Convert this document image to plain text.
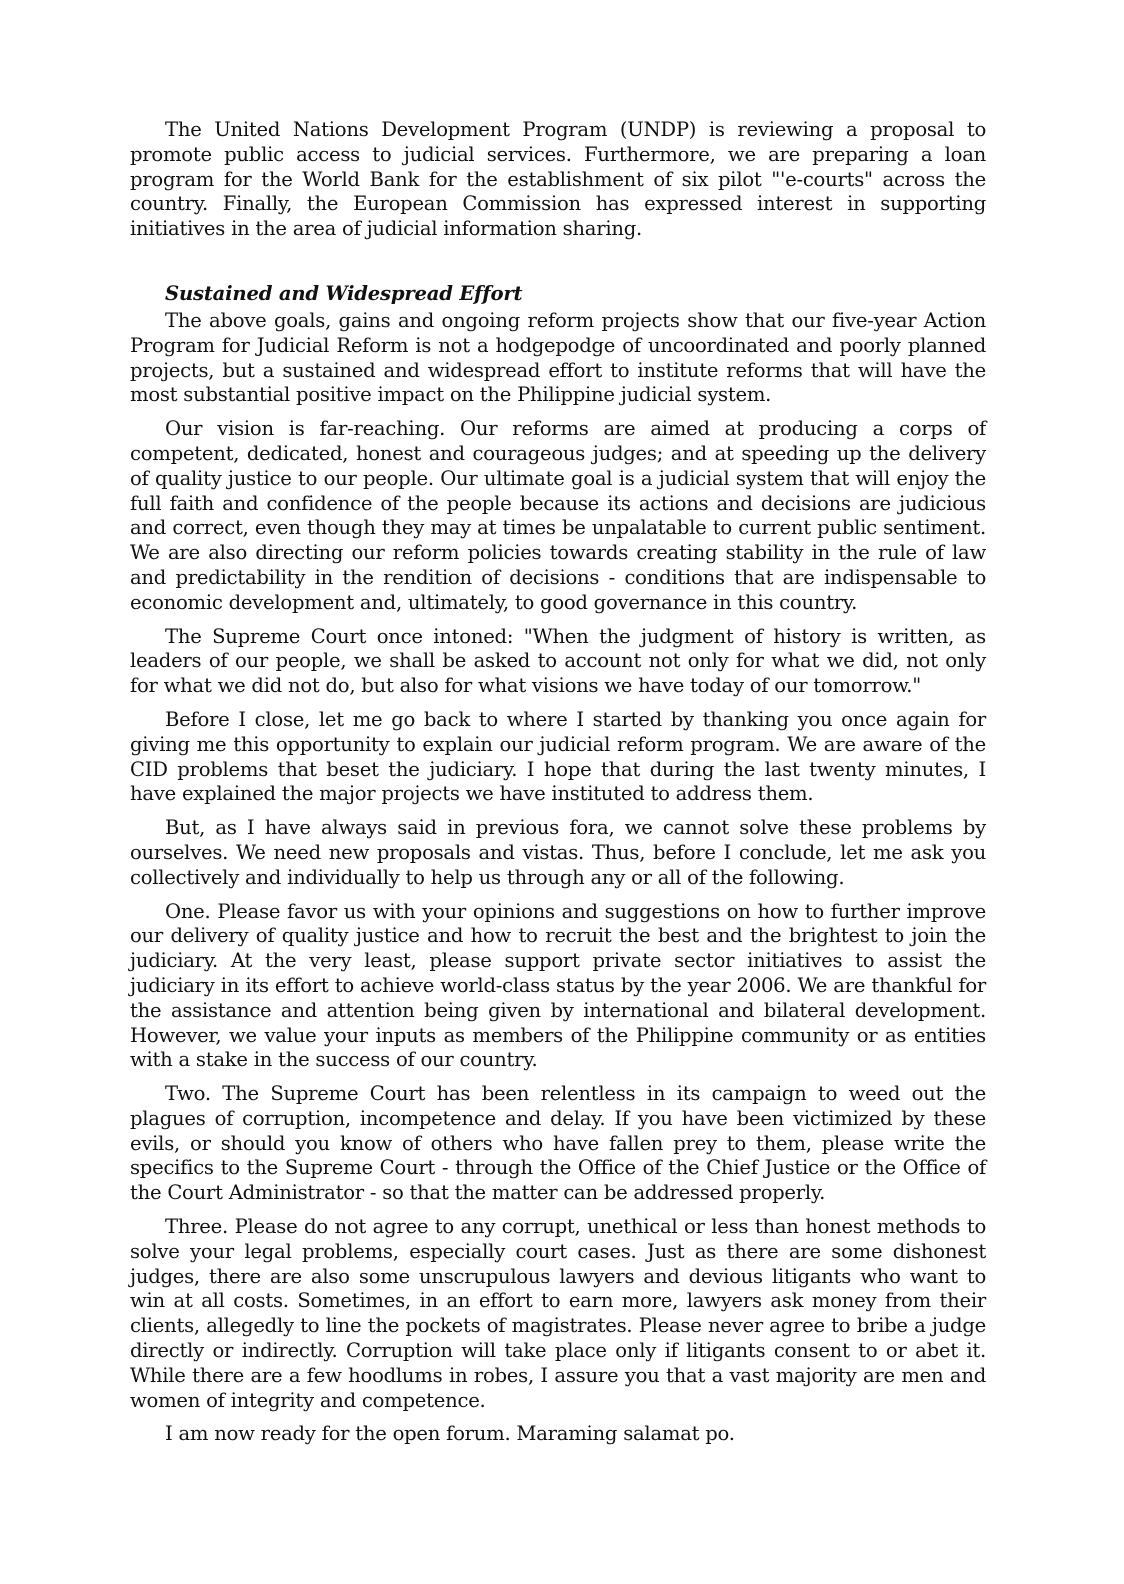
The United Nations Development Program (UNDP) is reviewing a proposal to promote public access to judicial services. Furthermore, we are preparing a loan program for the World Bank for the establishment of six pilot "'e-courts" across the country. Finally, the European Commission has expressed interest in supporting initiatives in the area of judicial information sharing.

Sustained and Widespread Effort

The above goals, gains and ongoing reform projects show that our five-year Action Program for Judicial Reform is not a hodgepodge of uncoordinated and poorly planned projects, but a sustained and widespread effort to institute reforms that will have the most substantial positive impact on the Philippine judicial system.

Our vision is far-reaching. Our reforms are aimed at producing a corps of competent, dedicated, honest and courageous judges; and at speeding up the delivery of quality justice to our people. Our ultimate goal is a judicial system that will enjoy the full faith and confidence of the people because its actions and decisions are judicious and correct, even though they may at times be unpalatable to current public sentiment. We are also directing our reform policies towards creating stability in the rule of law and predictability in the rendition of decisions - conditions that are indispensable to economic development and, ultimately, to good governance in this country.

The Supreme Court once intoned: "When the judgment of history is written, as leaders of our people, we shall be asked to account not only for what we did, not only for what we did not do, but also for what visions we have today of our tomorrow."

Before I close, let me go back to where I started by thanking you once again for giving me this opportunity to explain our judicial reform program. We are aware of the CID problems that beset the judiciary. I hope that during the last twenty minutes, I have explained the major projects we have instituted to address them.

But, as I have always said in previous fora, we cannot solve these problems by ourselves. We need new proposals and vistas. Thus, before I conclude, let me ask you collectively and individually to help us through any or all of the following.

One. Please favor us with your opinions and suggestions on how to further improve our delivery of quality justice and how to recruit the best and the brightest to join the judiciary. At the very least, please support private sector initiatives to assist the judiciary in its effort to achieve world-class status by the year 2006. We are thankful for the assistance and attention being given by international and bilateral development. However, we value your inputs as members of the Philippine community or as entities with a stake in the success of our country.

Two. The Supreme Court has been relentless in its campaign to weed out the plagues of corruption, incompetence and delay. If you have been victimized by these evils, or should you know of others who have fallen prey to them, please write the specifics to the Supreme Court - through the Office of the Chief Justice or the Office of the Court Administrator - so that the matter can be addressed properly.

Three. Please do not agree to any corrupt, unethical or less than honest methods to solve your legal problems, especially court cases. Just as there are some dishonest judges, there are also some unscrupulous lawyers and devious litigants who want to win at all costs. Sometimes, in an effort to earn more, lawyers ask money from their clients, allegedly to line the pockets of magistrates. Please never agree to bribe a judge directly or indirectly. Corruption will take place only if litigants consent to or abet it. While there are a few hoodlums in robes, I assure you that a vast majority are men and women of integrity and competence.

I am now ready for the open forum. Maraming salamat po.
